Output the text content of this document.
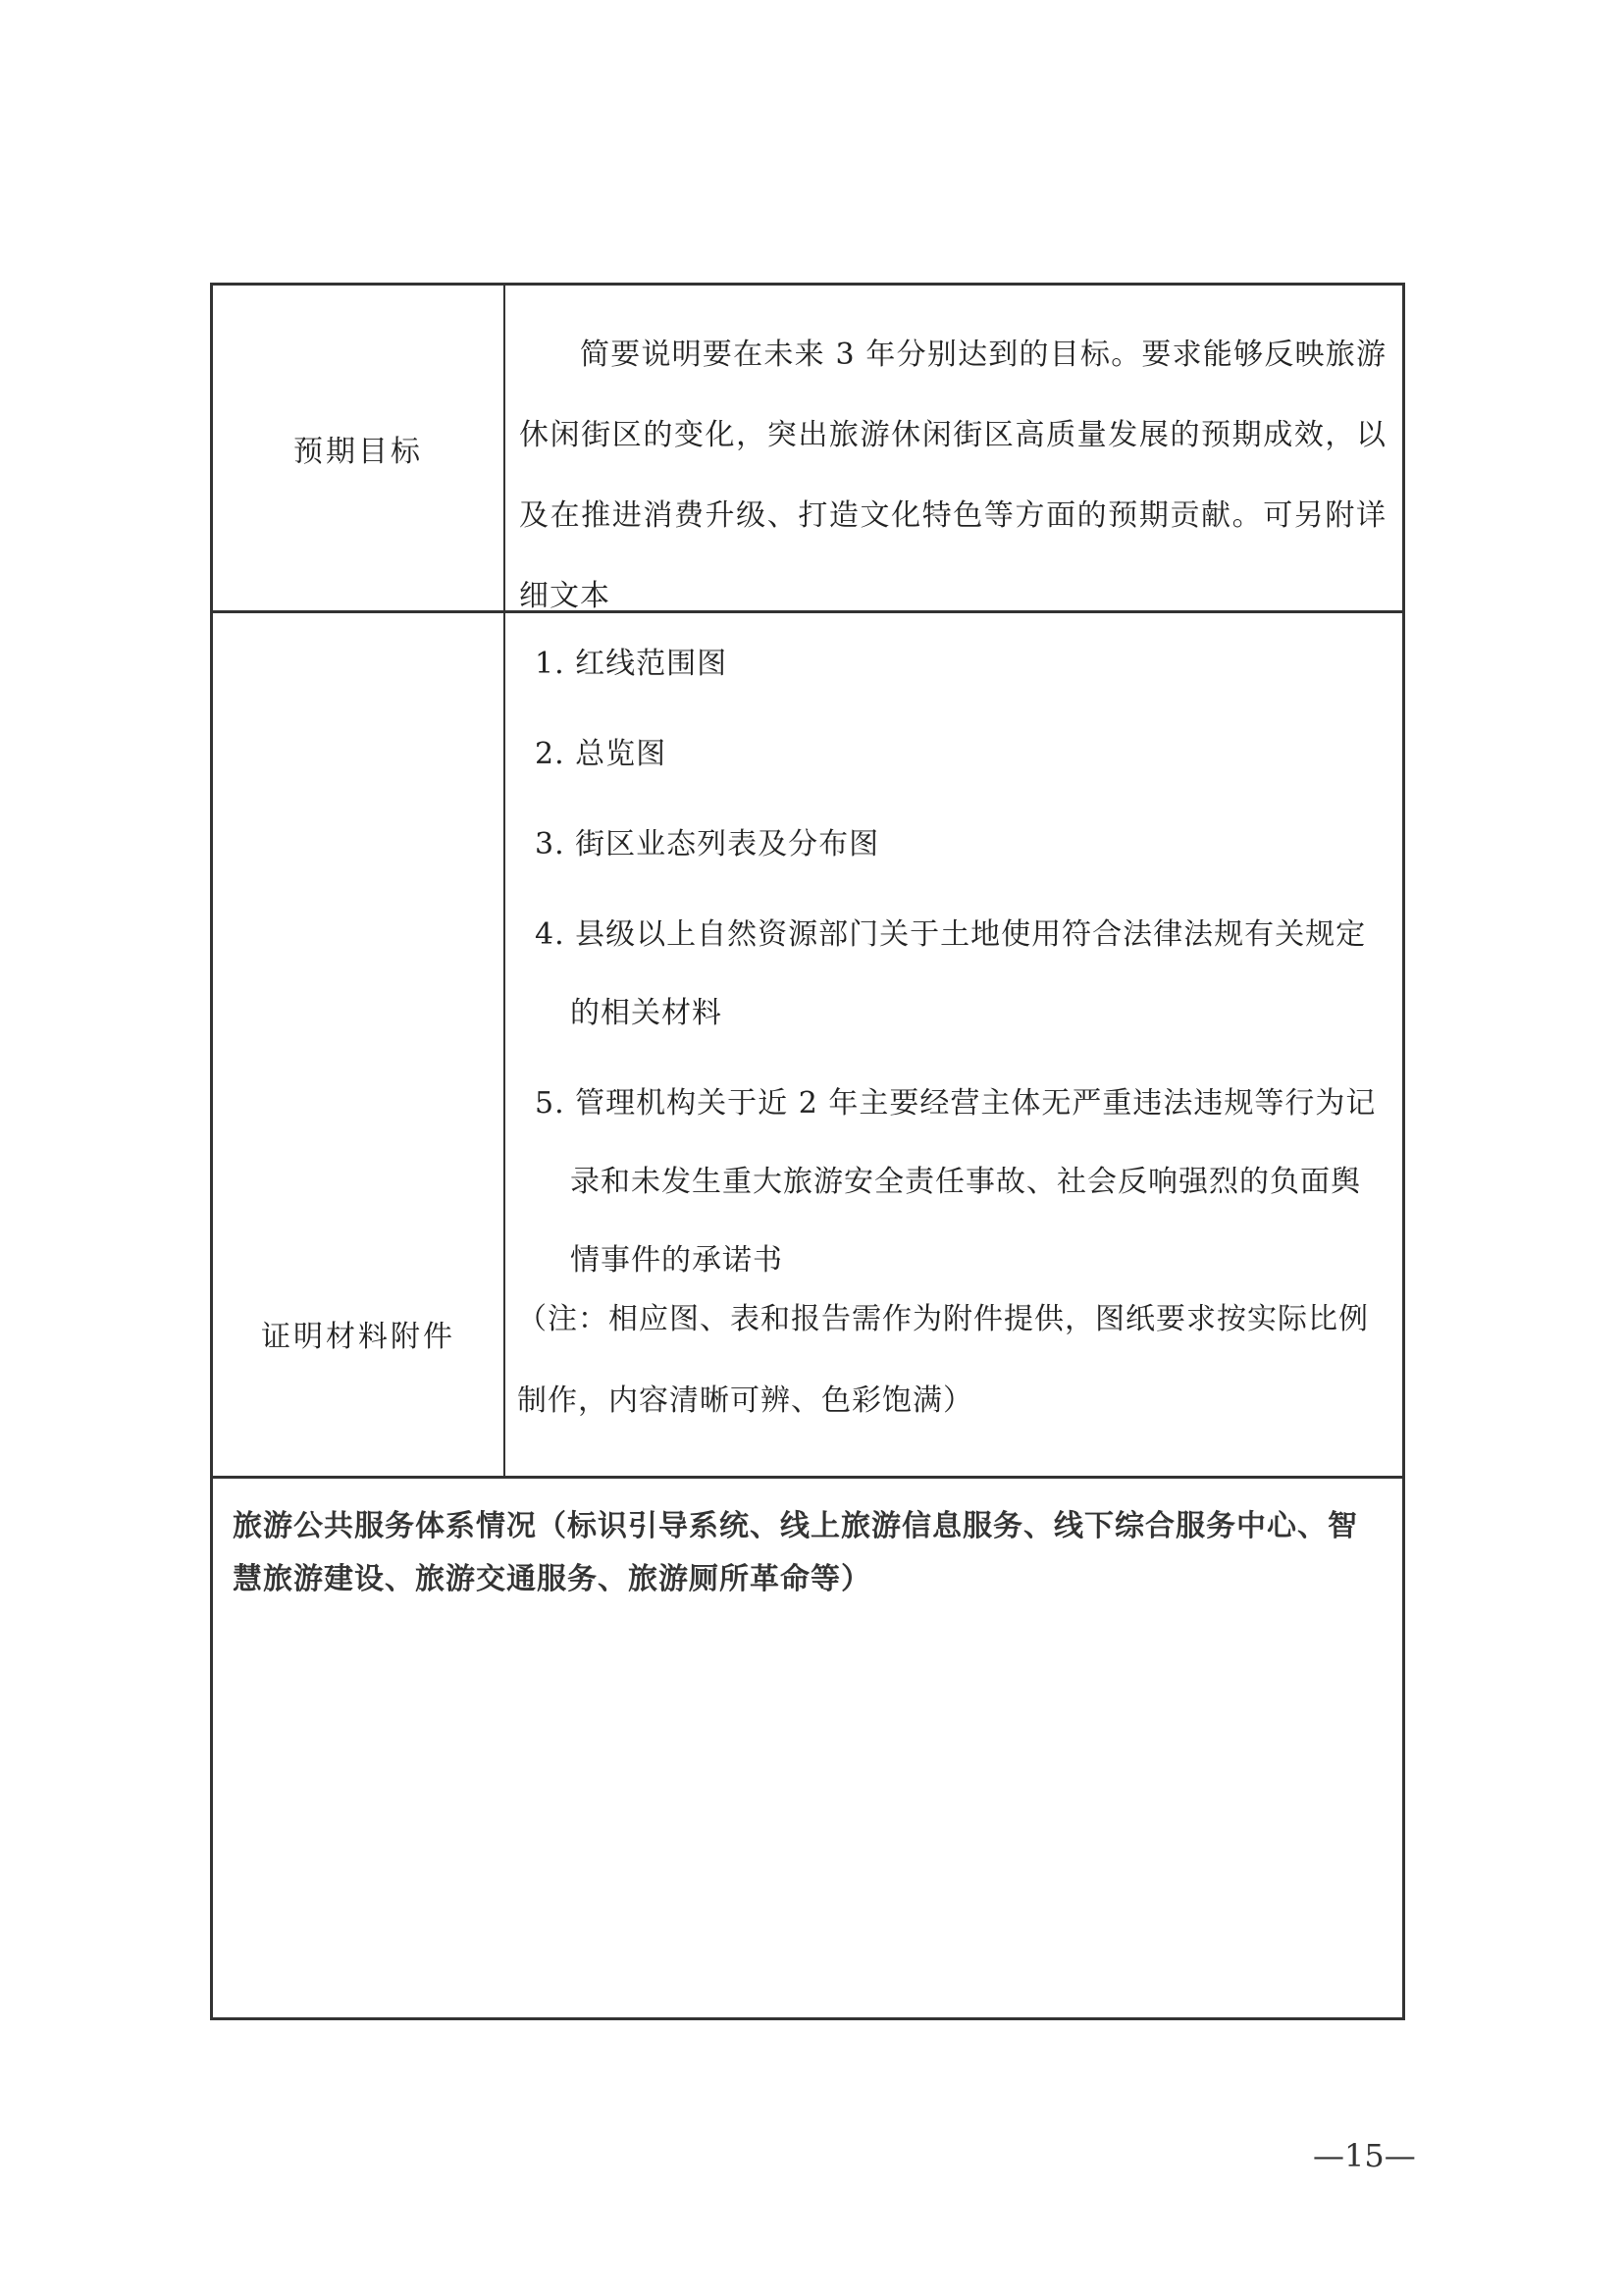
预期目标
简要说明要在未来 3 年分别达到的目标。要求能够反映旅游休闲街区的变化，突出旅游休闲街区高质量发展的预期成效，以及在推进消费升级、打造文化特色等方面的预期贡献。可另附详细文本
证明材料附件
1. 红线范围图
2. 总览图
3. 街区业态列表及分布图
4. 县级以上自然资源部门关于土地使用符合法律法规有关规定的相关材料
5. 管理机构关于近 2 年主要经营主体无严重违法违规等行为记录和未发生重大旅游安全责任事故、社会反响强烈的负面舆情事件的承诺书
（注：相应图、表和报告需作为附件提供，图纸要求按实际比例制作，内容清晰可辨、色彩饱满）
旅游公共服务体系情况（标识引导系统、线上旅游信息服务、线下综合服务中心、智慧旅游建设、旅游交通服务、旅游厕所革命等）
—15—
